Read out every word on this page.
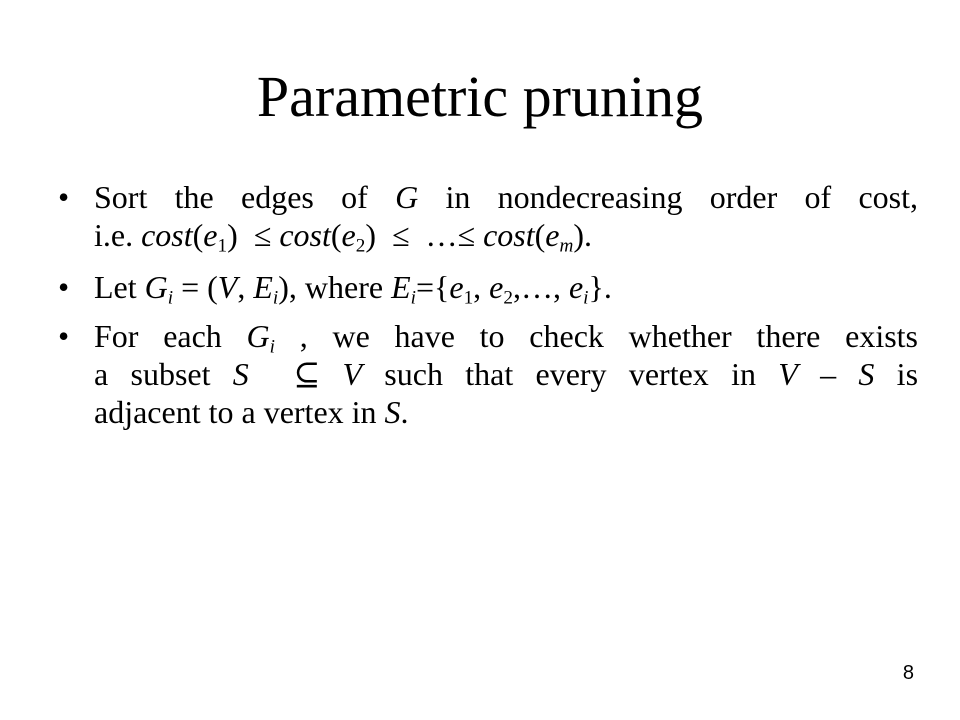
Parametric pruning
• Sort the edges of G in nondecreasing order of cost,
i.e. $\cos t(e_1) \le \cos t(e_2)$  ≤  …≤ $\cos t(e_m)$.
• Let $G_i = (V$, $E_i$), where $E_i=\{e_1$, $e_2,\dots$, $e_i$}.
• For each $G_i$ , we have to check whether there exists
a subset S  ⊆ V such that every vertex in V – S is
adjacent to a vertex in S.
8
